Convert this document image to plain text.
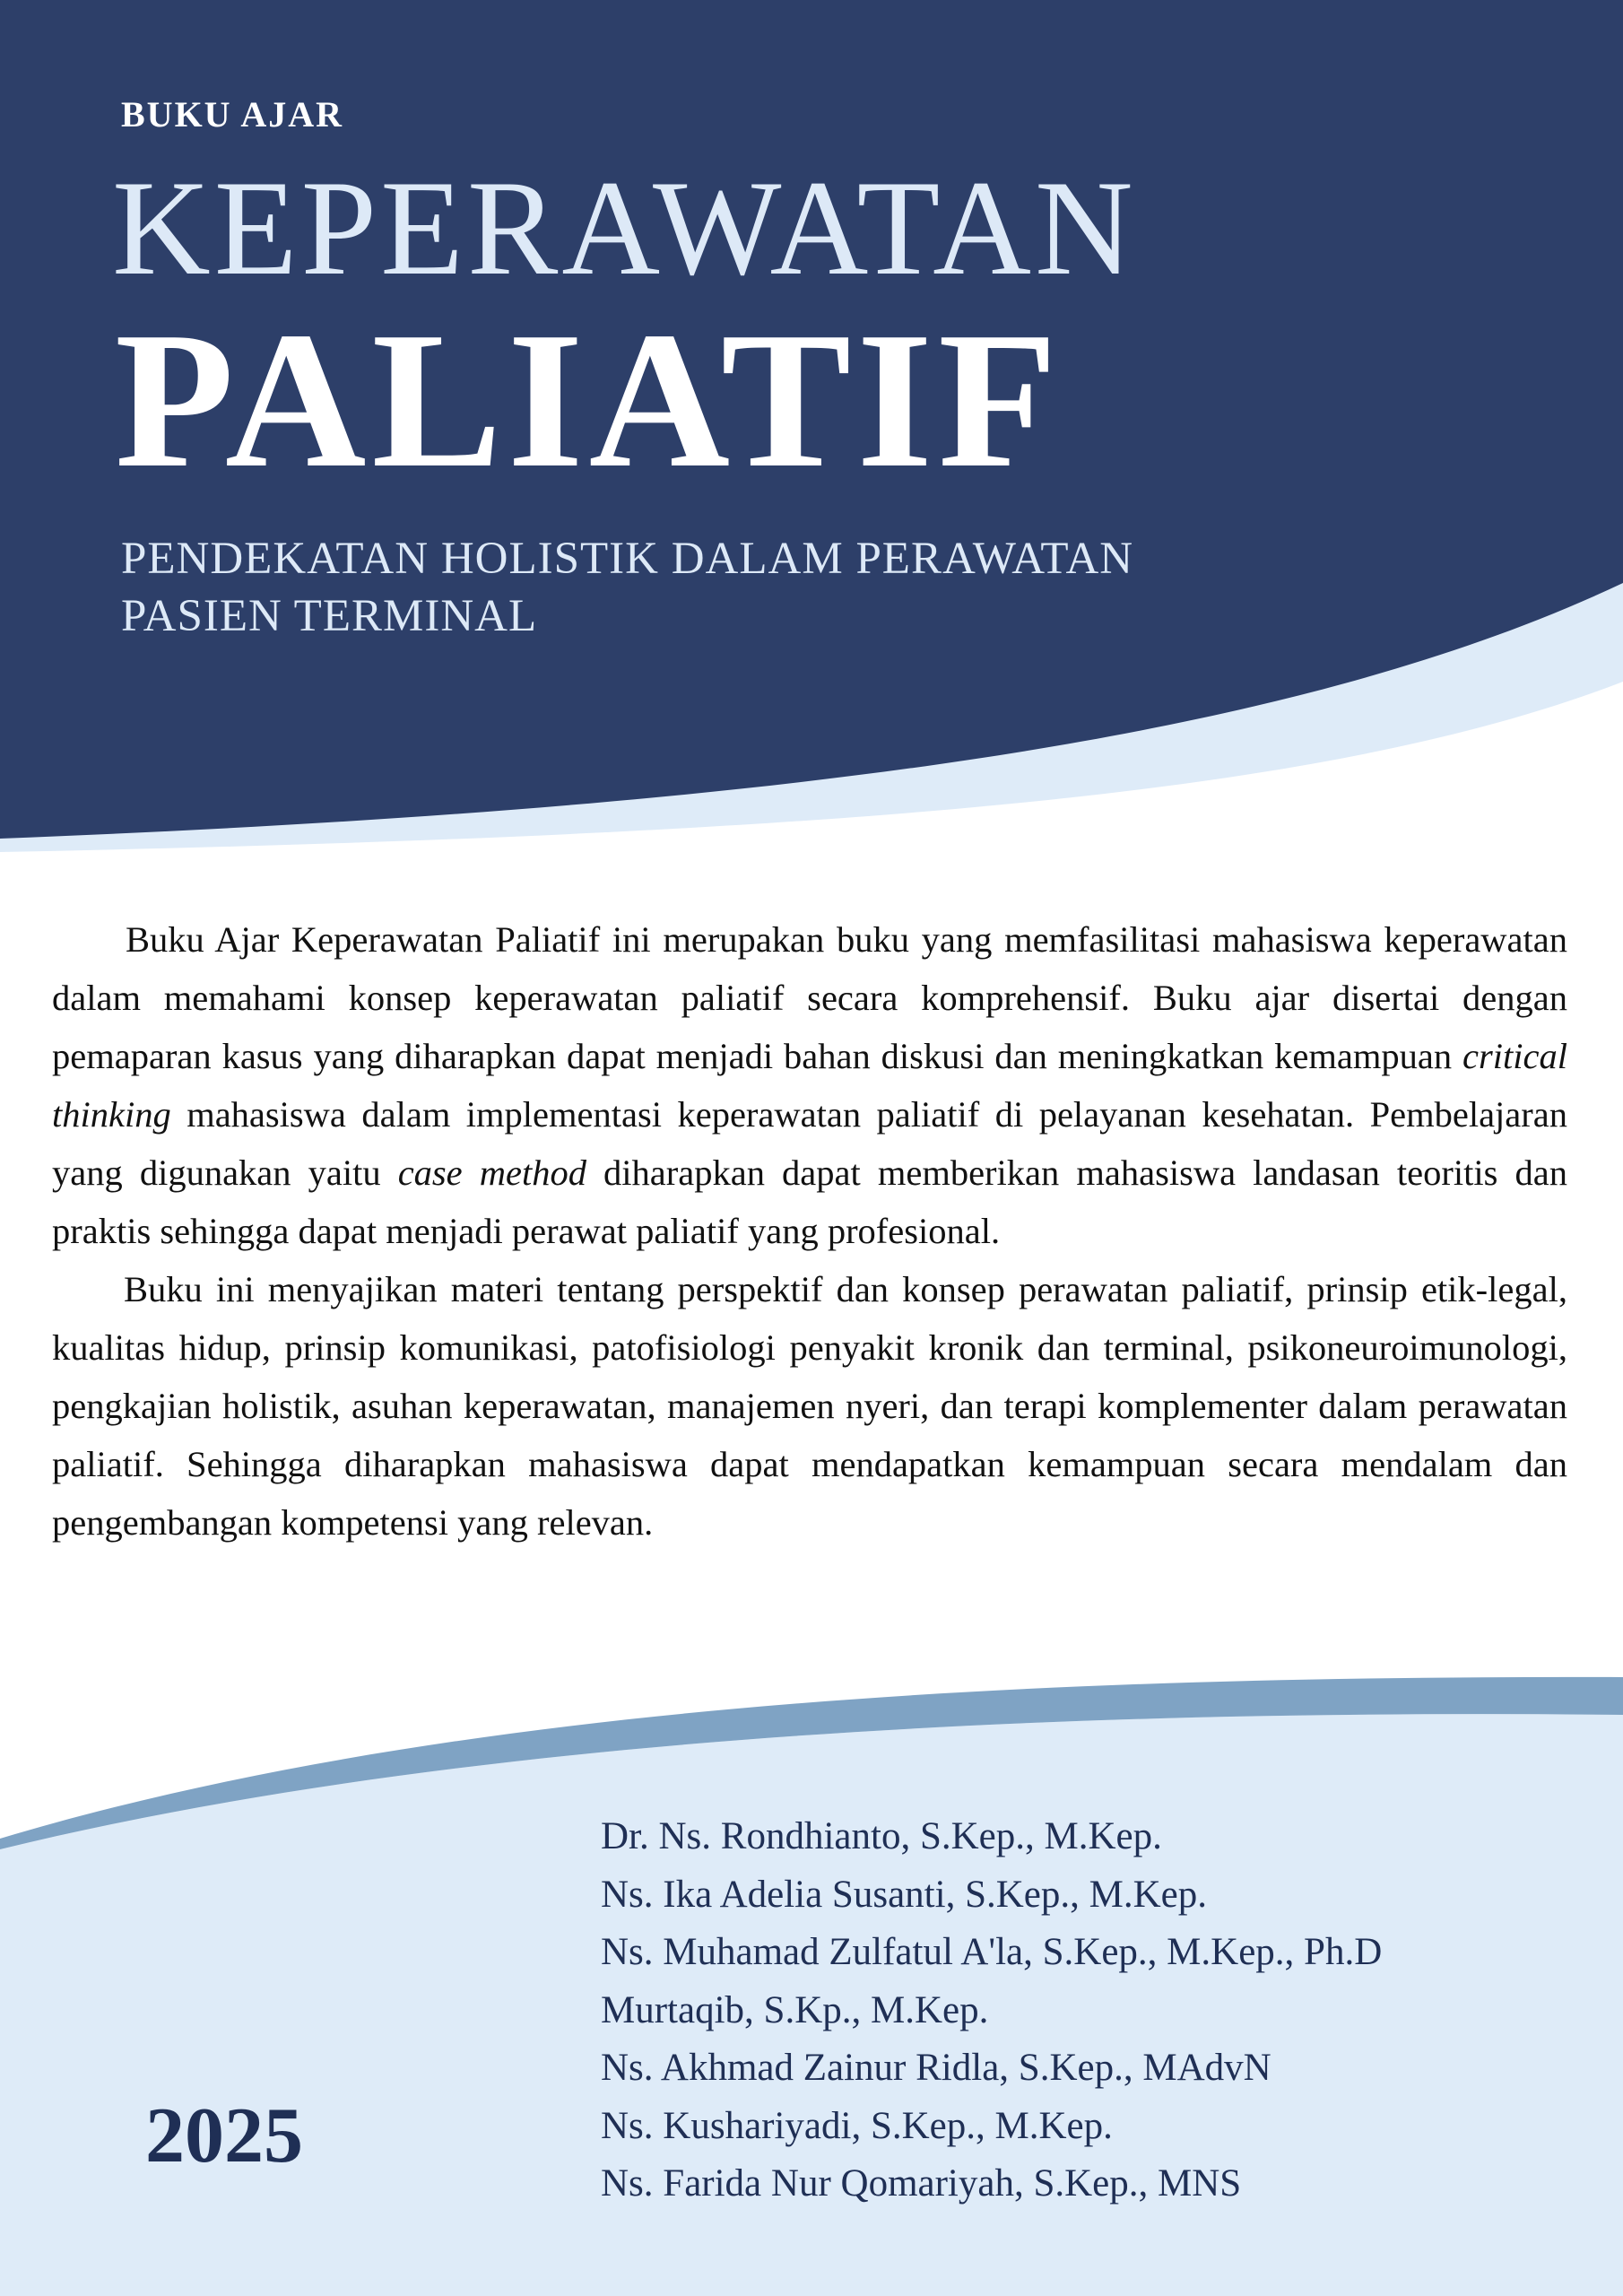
BUKU AJAR
KEPERAWATAN
PALIATIF
PENDEKATAN HOLISTIK DALAM PERAWATAN
PASIEN TERMINAL

Buku Ajar Keperawatan Paliatif ini merupakan buku yang memfasilitasi mahasiswa keperawatan dalam memahami konsep keperawatan paliatif secara komprehensif. Buku ajar disertai dengan pemaparan kasus yang diharapkan dapat menjadi bahan diskusi dan meningkatkan kemampuan critical thinking mahasiswa dalam implementasi keperawatan paliatif di pelayanan kesehatan. Pembelajaran yang digunakan yaitu case method diharapkan dapat memberikan mahasiswa landasan teoritis dan praktis sehingga dapat menjadi perawat paliatif yang profesional.

Buku ini menyajikan materi tentang perspektif dan konsep perawatan paliatif, prinsip etik-legal, kualitas hidup, prinsip komunikasi, patofisiologi penyakit kronik dan terminal, psikoneuroimunologi, pengkajian holistik, asuhan keperawatan, manajemen nyeri, dan terapi komplementer dalam perawatan paliatif. Sehingga diharapkan mahasiswa dapat mendapatkan kemampuan secara mendalam dan pengembangan kompetensi yang relevan.

2025
Dr. Ns. Rondhianto, S.Kep., M.Kep.
Ns. Ika Adelia Susanti, S.Kep., M.Kep.
Ns. Muhamad Zulfatul A'la, S.Kep., M.Kep., Ph.D
Murtaqib, S.Kp., M.Kep.
Ns. Akhmad Zainur Ridla, S.Kep., MAdvN
Ns. Kushariyadi, S.Kep., M.Kep.
Ns. Farida Nur Qomariyah, S.Kep., MNS
